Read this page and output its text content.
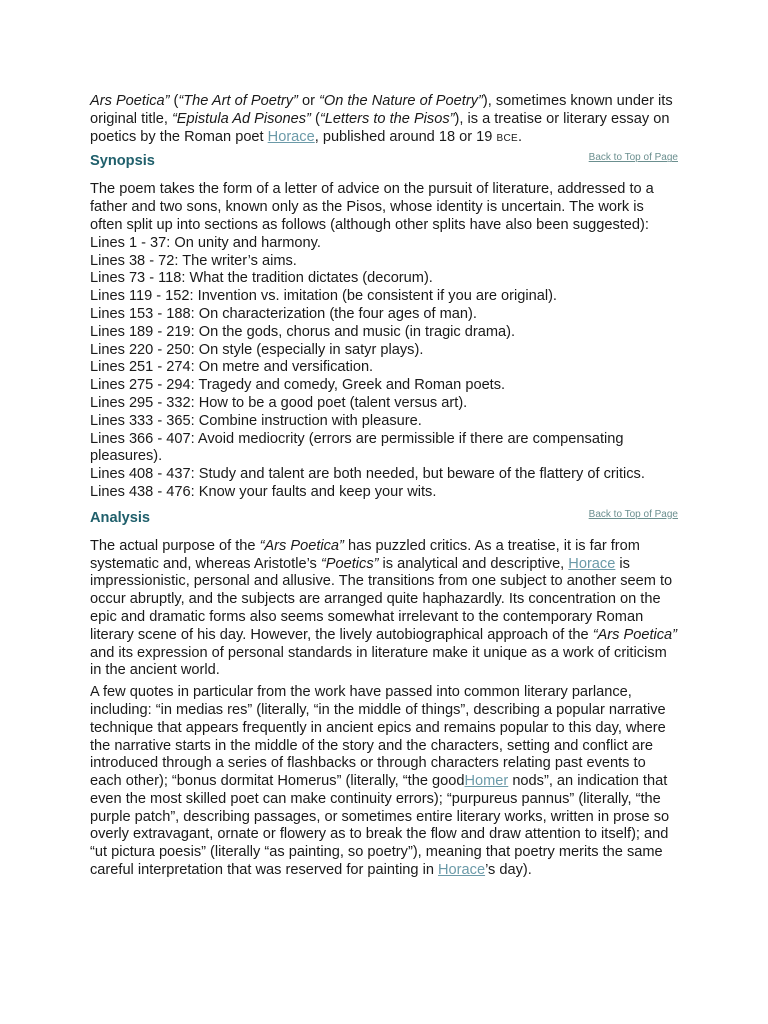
Ars Poetica” (“The Art of Poetry” or “On the Nature of Poetry”), sometimes known under its original title, “Epistula Ad Pisones” (“Letters to the Pisos”), is a treatise or literary essay on poetics by the Roman poet Horace, published around 18 or 19 BCE.

Synopsis	Back to Top of Page

The poem takes the form of a letter of advice on the pursuit of literature, addressed to a father and two sons, known only as the Pisos, whose identity is uncertain. The work is often split up into sections as follows (although other splits have also been suggested):

Lines 1 - 37: On unity and harmony.
Lines 38 - 72: The writer’s aims.
Lines 73 - 118: What the tradition dictates (decorum).
Lines 119 - 152: Invention vs. imitation (be consistent if you are original).
Lines 153 - 188: On characterization (the four ages of man).
Lines 189 - 219: On the gods, chorus and music (in tragic drama).
Lines 220 - 250: On style (especially in satyr plays).
Lines 251 - 274: On metre and versification.
Lines 275 - 294: Tragedy and comedy, Greek and Roman poets.
Lines 295 - 332: How to be a good poet (talent versus art).
Lines 333 - 365: Combine instruction with pleasure.
Lines 366 - 407: Avoid mediocrity (errors are permissible if there are compensating pleasures).
Lines 408 - 437: Study and talent are both needed, but beware of the flattery of critics.
Lines 438 - 476: Know your faults and keep your wits.
Analysis	Back to Top of Page

The actual purpose of the “Ars Poetica” has puzzled critics. As a treatise, it is far from systematic and, whereas Aristotle’s “Poetics” is analytical and descriptive, Horace is impressionistic, personal and allusive. The transitions from one subject to another seem to occur abruptly, and the subjects are arranged quite haphazardly. Its concentration on the epic and dramatic forms also seems somewhat irrelevant to the contemporary Roman literary scene of his day. However, the lively autobiographical approach of the “Ars Poetica” and its expression of personal standards in literature make it unique as a work of criticism in the ancient world.

A few quotes in particular from the work have passed into common literary parlance, including: “in medias res” (literally, “in the middle of things”, describing a popular narrative technique that appears frequently in ancient epics and remains popular to this day, where the narrative starts in the middle of the story and the characters, setting and conflict are introduced through a series of flashbacks or through characters relating past events to each other); “bonus dormitat Homerus” (literally, “the goodHomer nods”, an indication that even the most skilled poet can make continuity errors); “purpureus pannus” (literally, “the purple patch”, describing passages, or sometimes entire literary works, written in prose so overly extravagant, ornate or flowery as to break the flow and draw attention to itself); and “ut pictura poesis” (literally “as painting, so poetry”), meaning that poetry merits the same careful interpretation that was reserved for painting in Horace’s day).
